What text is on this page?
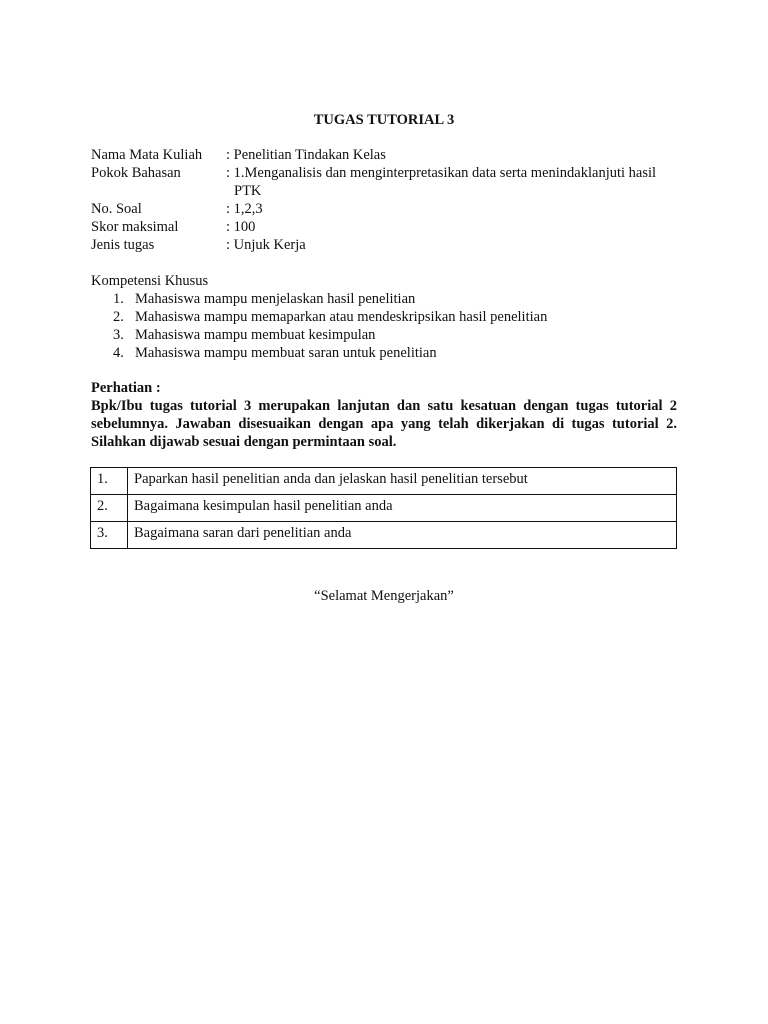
TUGAS TUTORIAL 3
Nama Mata Kuliah	: Penelitian Tindakan Kelas
Pokok Bahasan	: 1.Menganalisis dan menginterpretasikan data serta menindaklanjuti hasil PTK
No. Soal	: 1,2,3
Skor maksimal	: 100
Jenis tugas	: Unjuk Kerja
Kompetensi Khusus
1. Mahasiswa mampu menjelaskan hasil penelitian
2. Mahasiswa mampu memaparkan atau mendeskripsikan hasil penelitian
3. Mahasiswa mampu membuat kesimpulan
4. Mahasiswa mampu membuat saran untuk penelitian
Perhatian :
Bpk/Ibu tugas tutorial 3 merupakan lanjutan dan satu kesatuan dengan tugas tutorial 2 sebelumnya. Jawaban disesuaikan dengan apa yang telah dikerjakan di tugas tutorial 2. Silahkan dijawab sesuai dengan permintaan soal.
1.	Paparkan hasil penelitian anda dan jelaskan hasil penelitian tersebut
2.	Bagaimana kesimpulan hasil penelitian anda
3.	Bagaimana saran dari penelitian anda
“Selamat Mengerjakan”
